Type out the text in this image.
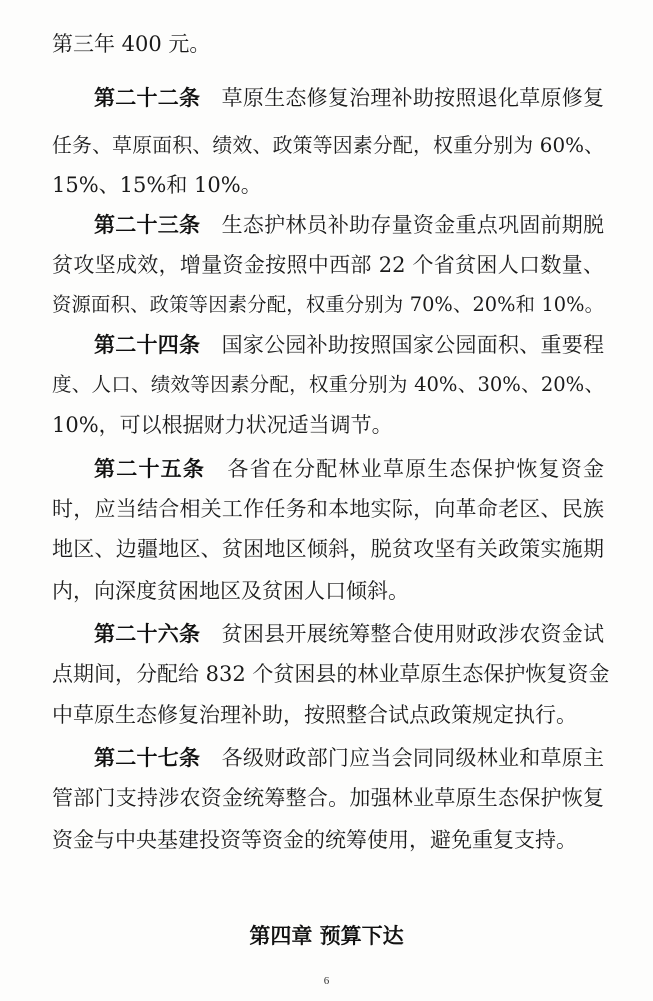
第三年 400 元。
第二十二条  草原生态修复治理补助按照退化草原修复
任务、草原面积、绩效、政策等因素分配，权重分别为 60%、
15%、15%和 10%。
第二十三条  生态护林员补助存量资金重点巩固前期脱
贫攻坚成效，增量资金按照中西部 22 个省贫困人口数量、
资源面积、政策等因素分配，权重分别为 70%、20%和 10%。
第二十四条  国家公园补助按照国家公园面积、重要程
度、人口、绩效等因素分配，权重分别为 40%、30%、20%、
10%，可以根据财力状况适当调节。
第二十五条  各省在分配林业草原生态保护恢复资金
时，应当结合相关工作任务和本地实际，向革命老区、民族
地区、边疆地区、贫困地区倾斜，脱贫攻坚有关政策实施期
内，向深度贫困地区及贫困人口倾斜。
第二十六条  贫困县开展统筹整合使用财政涉农资金试
点期间，分配给 832 个贫困县的林业草原生态保护恢复资金
中草原生态修复治理补助，按照整合试点政策规定执行。
第二十七条  各级财政部门应当会同同级林业和草原主
管部门支持涉农资金统筹整合。加强林业草原生态保护恢复
资金与中央基建投资等资金的统筹使用，避免重复支持。
第四章 预算下达
6
